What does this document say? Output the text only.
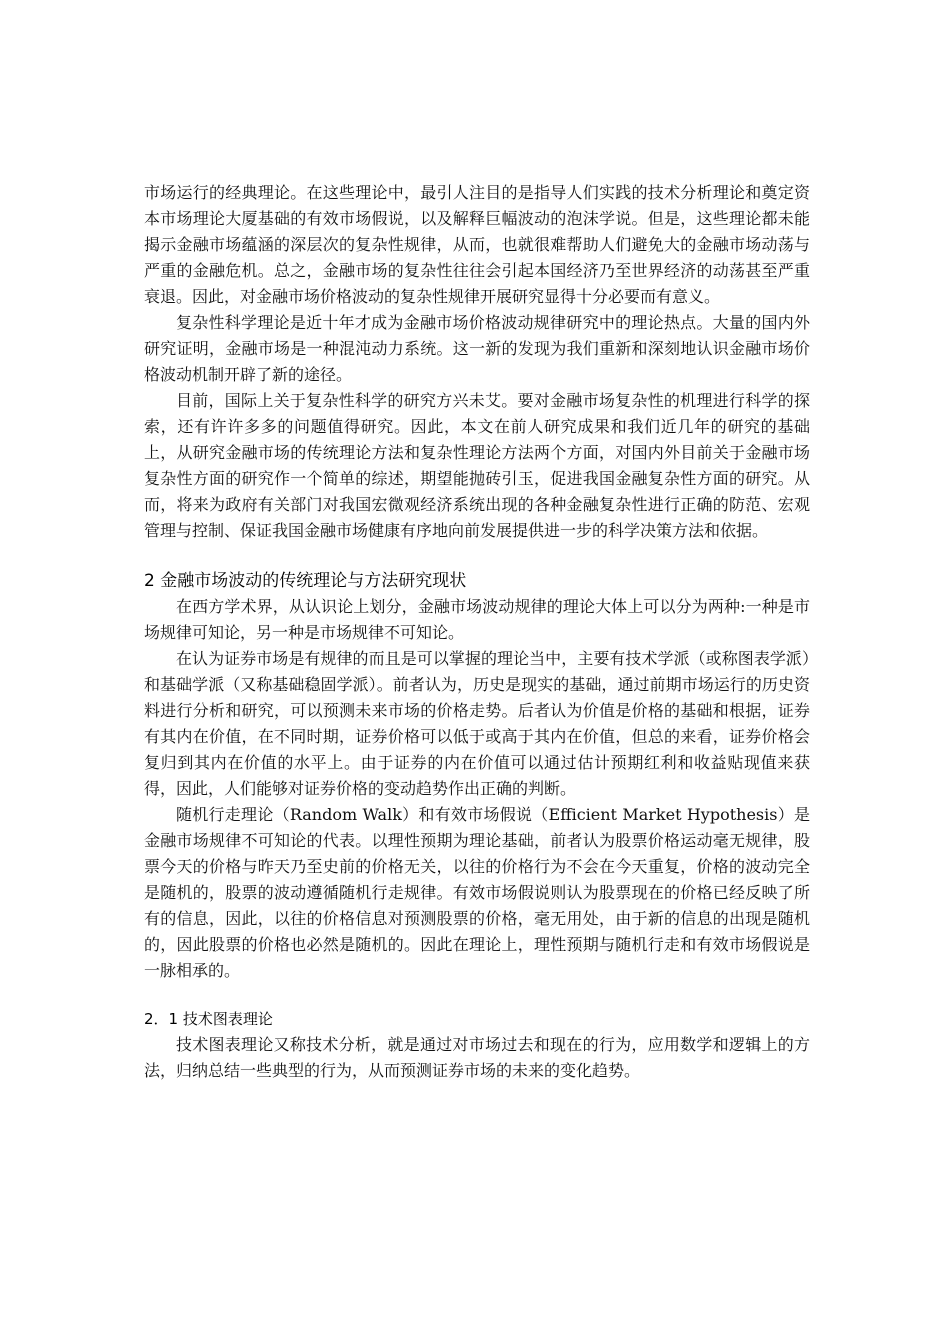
市场运行的经典理论。在这些理论中，最引人注目的是指导人们实践的技术分析理论和奠定资本市场理论大厦基础的有效市场假说，以及解释巨幅波动的泡沫学说。但是，这些理论都未能揭示金融市场蕴涵的深层次的复杂性规律，从而，也就很难帮助人们避免大的金融市场动荡与严重的金融危机。总之，金融市场的复杂性往往会引起本国经济乃至世界经济的动荡甚至严重衰退。因此，对金融市场价格波动的复杂性规律开展研究显得十分必要而有意义。

复杂性科学理论是近十年才成为金融市场价格波动规律研究中的理论热点。大量的国内外研究证明，金融市场是一种混沌动力系统。这一新的发现为我们重新和深刻地认识金融市场价格波动机制开辟了新的途径。

目前，国际上关于复杂性科学的研究方兴未艾。要对金融市场复杂性的机理进行科学的探索，还有许许多多的问题值得研究。因此，本文在前人研究成果和我们近几年的研究的基础上，从研究金融市场的传统理论方法和复杂性理论方法两个方面，对国内外目前关于金融市场复杂性方面的研究作一个简单的综述，期望能抛砖引玉，促进我国金融复杂性方面的研究。从而，将来为政府有关部门对我国宏微观经济系统出现的各种金融复杂性进行正确的防范、宏观管理与控制、保证我国金融市场健康有序地向前发展提供进一步的科学决策方法和依据。

2 金融市场波动的传统理论与方法研究现状

在西方学术界，从认识论上划分，金融市场波动规律的理论大体上可以分为两种:一种是市场规律可知论，另一种是市场规律不可知论。

在认为证券市场是有规律的而且是可以掌握的理论当中，主要有技术学派（或称图表学派）和基础学派（又称基础稳固学派）。前者认为，历史是现实的基础，通过前期市场运行的历史资料进行分析和研究，可以预测未来市场的价格走势。后者认为价值是价格的基础和根据，证券有其内在价值，在不同时期，证券价格可以低于或高于其内在价值，但总的来看，证券价格会复归到其内在价值的水平上。由于证券的内在价值可以通过估计预期红利和收益贴现值来获得，因此，人们能够对证券价格的变动趋势作出正确的判断。

随机行走理论（Random Walk）和有效市场假说（Efficient Market Hypothesis）是金融市场规律不可知论的代表。以理性预期为理论基础，前者认为股票价格运动毫无规律，股票今天的价格与昨天乃至史前的价格无关，以往的价格行为不会在今天重复，价格的波动完全是随机的，股票的波动遵循随机行走规律。有效市场假说则认为股票现在的价格已经反映了所有的信息，因此，以往的价格信息对预测股票的价格，毫无用处，由于新的信息的出现是随机的，因此股票的价格也必然是随机的。因此在理论上，理性预期与随机行走和有效市场假说是一脉相承的。

2．1 技术图表理论

技术图表理论又称技术分析，就是通过对市场过去和现在的行为，应用数学和逻辑上的方法，归纳总结一些典型的行为，从而预测证券市场的未来的变化趋势。
